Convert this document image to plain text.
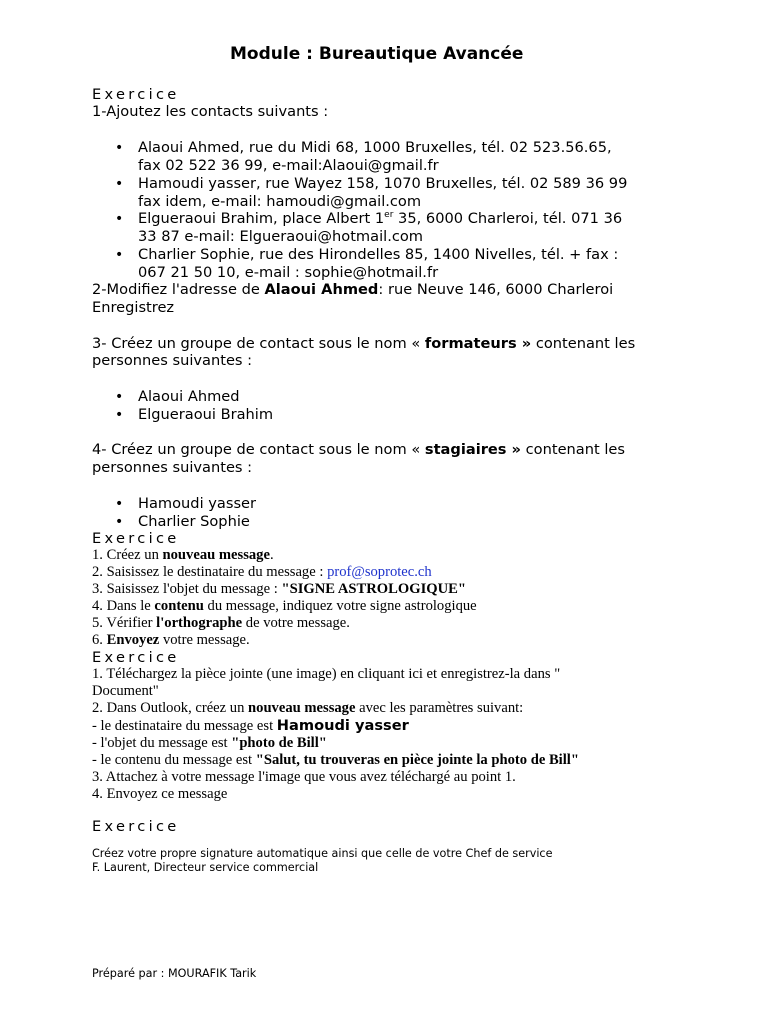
Module : Bureautique Avancée
Exercice
1-Ajoutez les contacts suivants :
• Alaoui Ahmed, rue du Midi 68, 1000 Bruxelles, tél. 02 523.56.65,
fax 02 522 36 99, e-mail:Alaoui@gmail.fr
• Hamoudi yasser, rue Wayez 158, 1070 Bruxelles, tél. 02 589 36 99
fax idem, e-mail: hamoudi@gmail.com
• Elgueraoui Brahim, place Albert 1er 35, 6000 Charleroi, tél. 071 36
33 87 e-mail: Elgueraoui@hotmail.com
• Charlier Sophie, rue des Hirondelles 85, 1400 Nivelles, tél. + fax :
067 21 50 10, e-mail : sophie@hotmail.fr
2-Modifiez l'adresse de Alaoui Ahmed: rue Neuve 146, 6000 Charleroi
Enregistrez
3- Créez un groupe de contact sous le nom « formateurs » contenant les
personnes suivantes :
• Alaoui Ahmed
• Elgueraoui Brahim
4- Créez un groupe de contact sous le nom « stagiaires » contenant les
personnes suivantes :
• Hamoudi yasser
• Charlier Sophie
Exercice
1. Créez un nouveau message.
2. Saisissez le destinataire du message : prof@soprotec.ch
3. Saisissez l'objet du message : "SIGNE ASTROLOGIQUE"
4. Dans le contenu du message, indiquez votre signe astrologique
5. Vérifier l'orthographe de votre message.
6. Envoyez votre message.
Exercice
1. Téléchargez la pièce jointe (une image) en cliquant ici et enregistrez-la dans "
Document"
2. Dans Outlook, créez un nouveau message avec les paramètres suivant:
- le destinataire du message est Hamoudi yasser
- l'objet du message est "photo de Bill"
- le contenu du message est "Salut, tu trouveras en pièce jointe la photo de Bill"
3. Attachez à votre message l'image que vous avez téléchargé au point 1.
4. Envoyez ce message
Exercice
Créez votre propre signature automatique ainsi que celle de votre Chef de service
F. Laurent, Directeur service commercial
Préparé par : MOURAFIK Tarik
